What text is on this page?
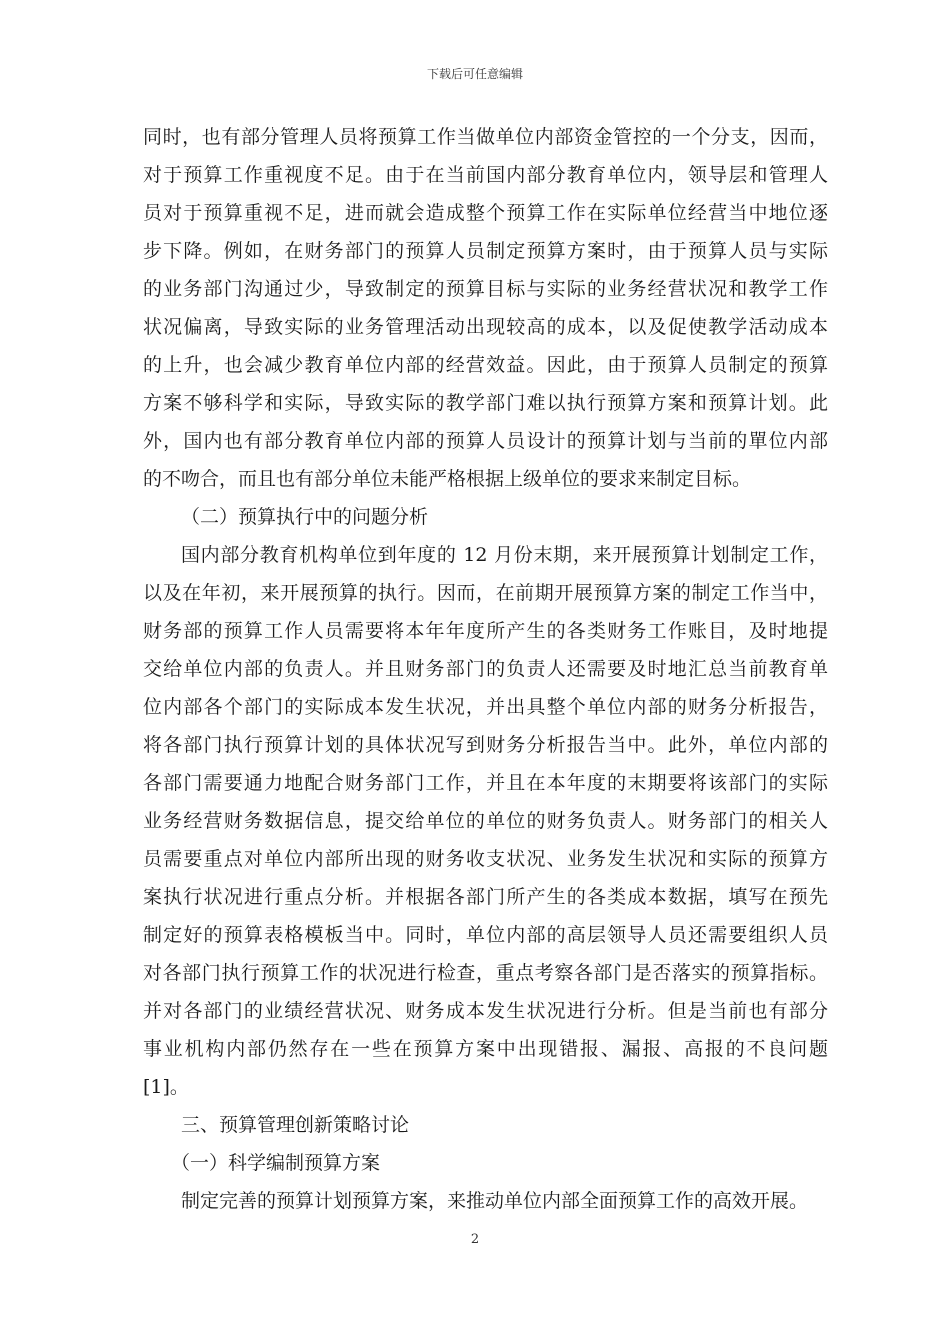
下载后可任意编辑
同时，也有部分管理人员将预算工作当做单位内部资金管控的一个分支，因而，
对于预算工作重视度不足。由于在当前国内部分教育单位内，领导层和管理人
员对于预算重视不足，进而就会造成整个预算工作在实际单位经营当中地位逐
步下降。例如，在财务部门的预算人员制定预算方案时，由于预算人员与实际
的业务部门沟通过少，导致制定的预算目标与实际的业务经营状况和教学工作
状况偏离，导致实际的业务管理活动出现较高的成本，以及促使教学活动成本
的上升，也会减少教育单位内部的经营效益。因此，由于预算人员制定的预算
方案不够科学和实际，导致实际的教学部门难以执行预算方案和预算计划。此
外，国内也有部分教育单位内部的预算人员设计的预算计划与当前的單位内部
的不吻合，而且也有部分单位未能严格根据上级单位的要求来制定目标。
（二）预算执行中的问题分析
国内部分教育机构单位到年度的 12 月份末期，来开展预算计划制定工作，
以及在年初，来开展预算的执行。因而，在前期开展预算方案的制定工作当中，
财务部的预算工作人员需要将本年年度所产生的各类财务工作账目，及时地提
交给单位内部的负责人。并且财务部门的负责人还需要及时地汇总当前教育单
位内部各个部门的实际成本发生状况，并出具整个单位内部的财务分析报告，
将各部门执行预算计划的具体状况写到财务分析报告当中。此外，单位内部的
各部门需要通力地配合财务部门工作，并且在本年度的末期要将该部门的实际
业务经营财务数据信息，提交给单位的单位的财务负责人。财务部门的相关人
员需要重点对单位内部所出现的财务收支状况、业务发生状况和实际的预算方
案执行状况进行重点分析。并根据各部门所产生的各类成本数据，填写在预先
制定好的预算表格模板当中。同时，单位内部的高层领导人员还需要组织人员
对各部门执行预算工作的状况进行检查，重点考察各部门是否落实的预算指标。
并对各部门的业绩经营状况、财务成本发生状况进行分析。但是当前也有部分
事业机构内部仍然存在一些在预算方案中出现错报、漏报、高报的不良问题
[1]。
三、预算管理创新策略讨论
（一）科学编制预算方案
制定完善的预算计划预算方案，来推动单位内部全面预算工作的高效开展。
2
